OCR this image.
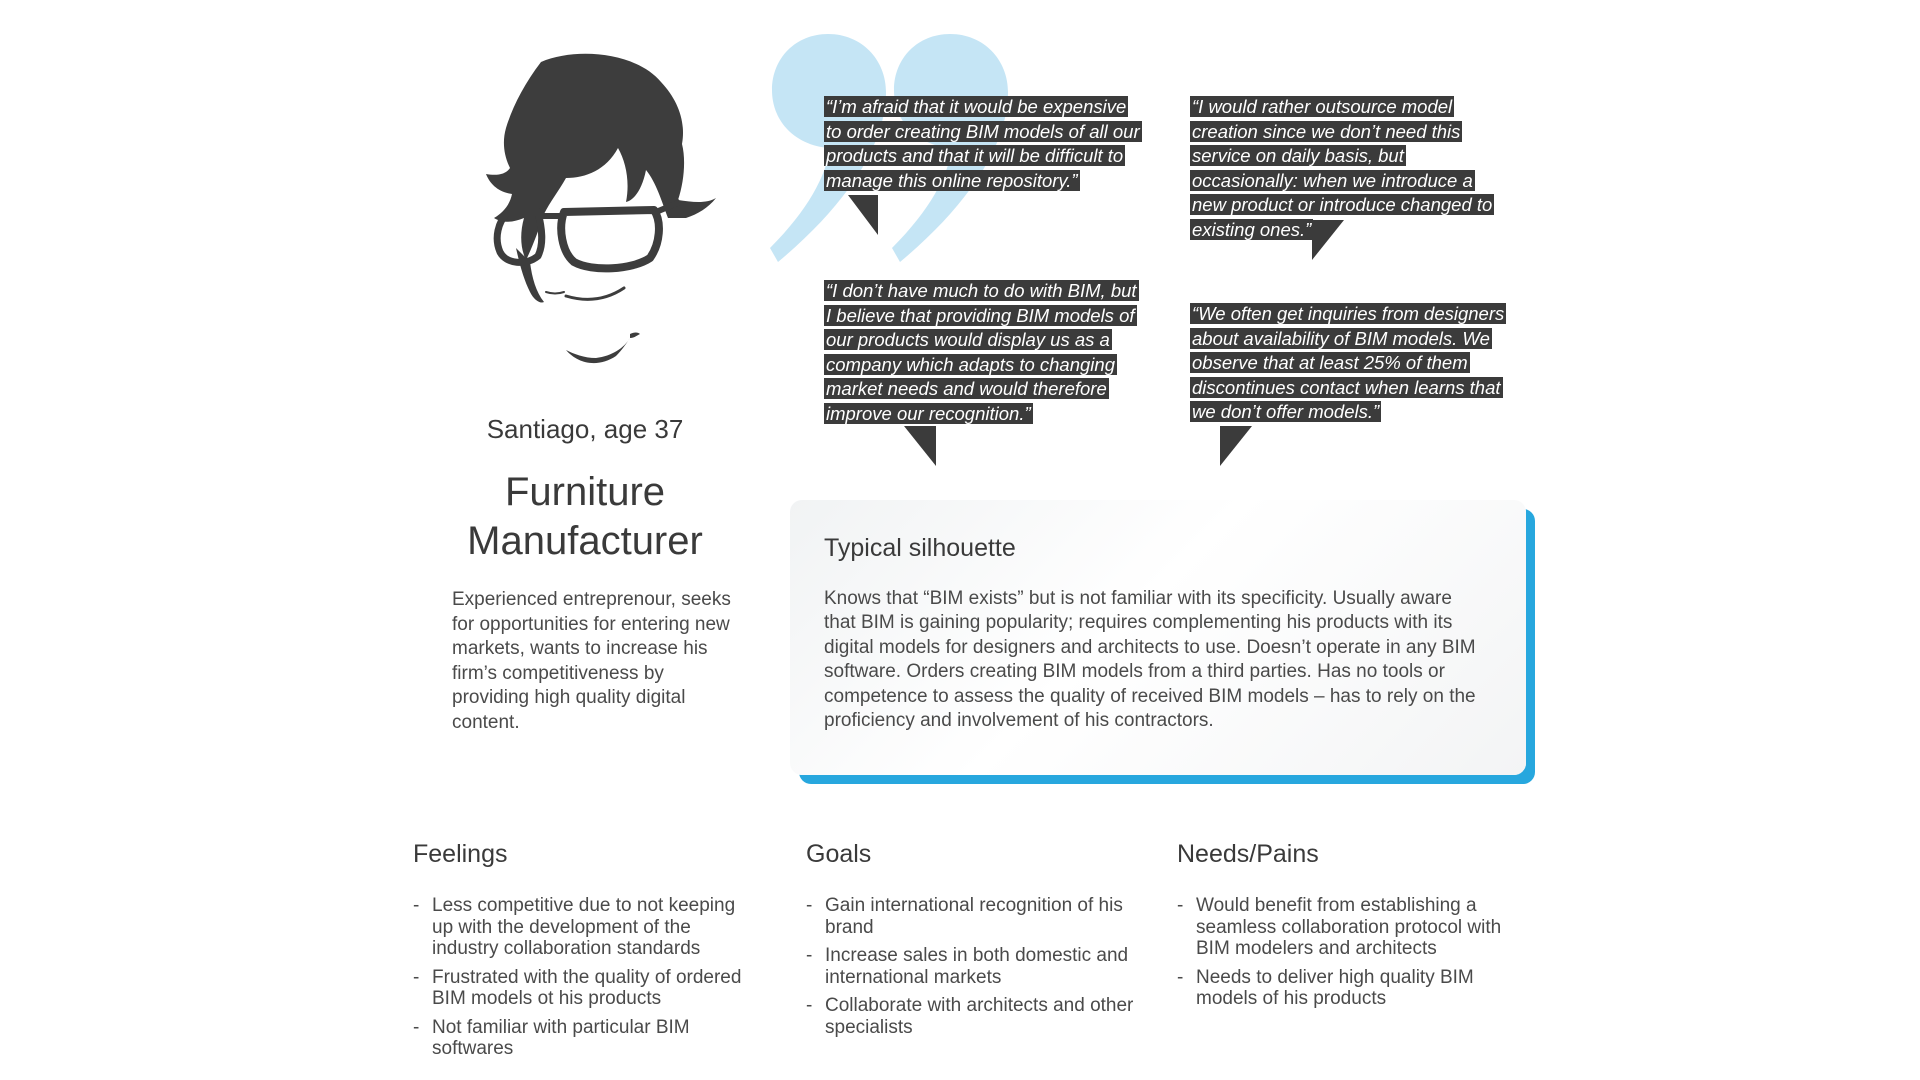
Santiago, age 37
Furniture Manufacturer
Experienced entreprenour, seeks for opportunities for entering new markets, wants to increase his firm’s competitiveness by providing high quality digital content.
“I’m afraid that it would be expensive to order creating BIM models of all our products and that it will be difficult to manage this online repository.”
“I would rather outsource model creation since we don’t need this service on daily basis, but occasionally: when we introduce a new product or introduce changed to existing ones.”
“I don’t have much to do with BIM, but I believe that providing BIM models of our products would display us as a company which adapts to changing market needs and would therefore improve our recognition.”
“We often get inquiries from designers about availability of BIM models. We observe that at least 25% of them discontinues contact when learns that we don’t offer models.”
Typical silhouette
Knows that “BIM exists” but is not familiar with its specificity. Usually aware that BIM is gaining popularity; requires complementing his products with its digital models for designers and architects to use. Doesn’t operate in any BIM software. Orders creating BIM models from a third parties. Has no tools or competence to assess the quality of received BIM models – has to rely on the proficiency and involvement of his contractors.
Feelings
- Less competitive due to not keeping up with the development of the industry collaboration standards
- Frustrated with the quality of ordered BIM models ot his products
- Not familiar with particular BIM softwares
Goals
- Gain international recognition of his brand
- Increase sales in both domestic and international markets
- Collaborate with architects and other specialists
Needs/Pains
- Would benefit from establishing a seamless collaboration protocol with BIM modelers and architects
- Needs to deliver high quality BIM models of his products
